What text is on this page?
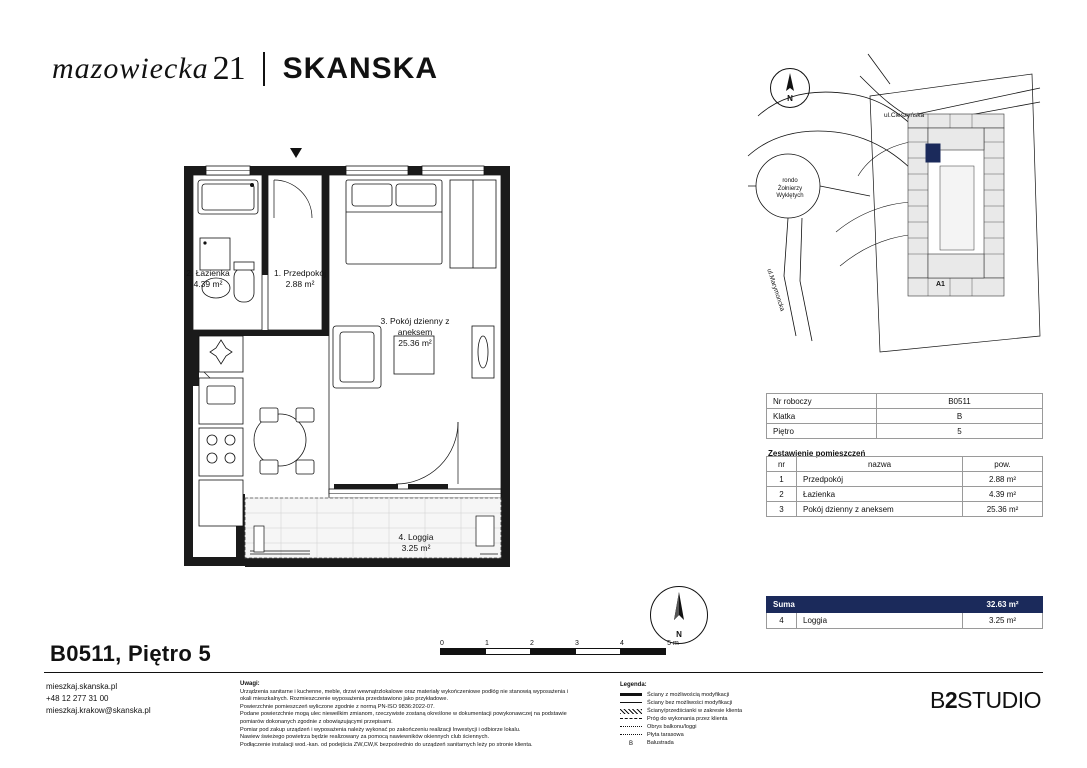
mazowiecka 21 SKANSKA
ul.Cieszyńska
rondo
Żołnierzy
Wyklętych
ul.Marymoncka	A1
N
2. Łazienka
4.39 m²
1. Przedpokój
2.88 m²
3. Pokój dzienny z
aneksem
25.36 m²
4. Loggia
3.25 m²
0	1	2	3	4	5 m
N
Nr roboczy	B0511
Klatka	B
Piętro	5
Zestawienie pomieszczeń
nr	nazwa	pow.
1	Przedpokój	2.88 m²
2	Łazienka	4.39 m²
3	Pokój dzienny z aneksem	25.36 m²
Suma		32.63 m²
4	Loggia	3.25 m²
B0511, Piętro 5
mieszkaj.skanska.pl
+48 12 277 31 00
mieszkaj.krakow@skanska.pl
Uwagi:
Urządzenia sanitarne i kuchenne, meble, drzwi wewnątrzlokalowe oraz materiały wykończeniowe podłóg nie stanowią wyposażenia i
okali mieszkalnych. Rozmieszczenie wyposażenia przedstawiono jako przykładowe.
Powierzchnie pomieszczeń wyliczone zgodnie z normą PN-ISO 9836:2022-07.
Podane powierzchnie mogą ulec nieweilkim zmianom, rzeczywiste zostaną określone w dokumentacji powykonawczej na podstawie
pomiarów dokonanych zgodnie z obowiązującymi przepisami.
Pomiar pod zakup urządzeń i wyposażenia należy wykonać po zakończeniu realizacji Inwestycji i odbiorze lokalu.
Nawiew świeżego powietrza będzie realizowany za pomocą nawiewników okiennych club ściennych.
Podłączenie instalacji wod.-kan. od podejścia ZW,CW,K bezpośrednio do urządzeń sanitarnych leży po stronie klienta.
Legenda:
Ściany z możliwością modyfikacji
Ściany bez możliwości modyfikacji
Ściany/przedścianki w zakresie klienta
Próg do wykonania przez klienta
Obrys balkonu/loggi
Płyta tarasowa
B	Balustrada
B2STUDIO
